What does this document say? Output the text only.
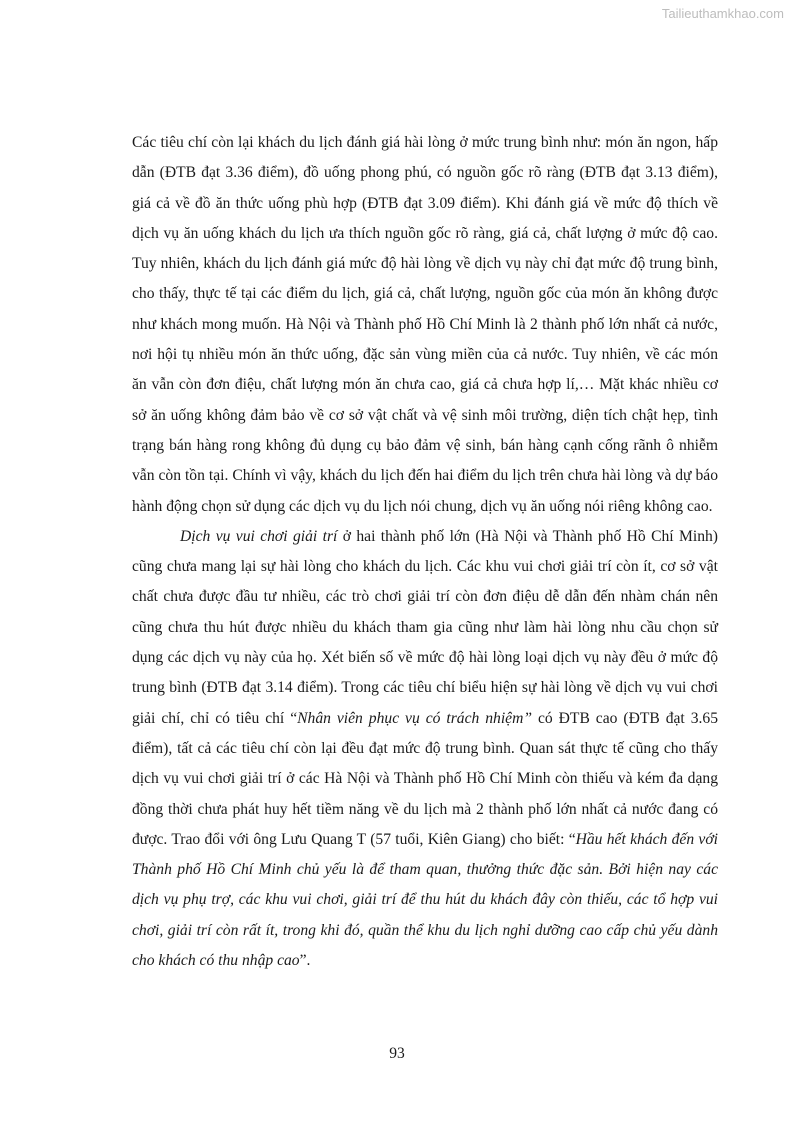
Tailieuthamkhao.com

Các tiêu chí còn lại khách du lịch đánh giá hài lòng ở mức trung bình như: món ăn ngon, hấp dẫn (ĐTB đạt 3.36 điểm), đồ uống phong phú, có nguồn gốc rõ ràng (ĐTB đạt 3.13 điểm), giá cả về đồ ăn thức uống phù hợp (ĐTB đạt 3.09 điểm). Khi đánh giá về mức độ thích về dịch vụ ăn uống khách du lịch ưa thích nguồn gốc rõ ràng, giá cả, chất lượng ở mức độ cao. Tuy nhiên, khách du lịch đánh giá mức độ hài lòng về dịch vụ này chỉ đạt mức độ trung bình, cho thấy, thực tế tại các điểm du lịch, giá cả, chất lượng, nguồn gốc của món ăn không được như khách mong muốn. Hà Nội và Thành phố Hồ Chí Minh là 2 thành phố lớn nhất cả nước, nơi hội tụ nhiều món ăn thức uống, đặc sản vùng miền của cả nước. Tuy nhiên, về các món ăn vẫn còn đơn điệu, chất lượng món ăn chưa cao, giá cả chưa hợp lí,… Mặt khác nhiều cơ sở ăn uống không đảm bảo về cơ sở vật chất và vệ sinh môi trường, diện tích chật hẹp, tình trạng bán hàng rong không đủ dụng cụ bảo đảm vệ sinh, bán hàng cạnh cống rãnh ô nhiễm vẫn còn tồn tại. Chính vì vậy, khách du lịch đến hai điểm du lịch trên chưa hài lòng và dự báo hành động chọn sử dụng các dịch vụ du lịch nói chung, dịch vụ ăn uống nói riêng không cao.

Dịch vụ vui chơi giải trí ở hai thành phố lớn (Hà Nội và Thành phố Hồ Chí Minh) cũng chưa mang lại sự hài lòng cho khách du lịch. Các khu vui chơi giải trí còn ít, cơ sở vật chất chưa được đầu tư nhiều, các trò chơi giải trí còn đơn điệu dễ dẫn đến nhàm chán nên cũng chưa thu hút được nhiều du khách tham gia cũng như làm hài lòng nhu cầu chọn sử dụng các dịch vụ này của họ. Xét biến số về mức độ hài lòng loại dịch vụ này đều ở mức độ trung bình (ĐTB đạt 3.14 điểm). Trong các tiêu chí biểu hiện sự hài lòng về dịch vụ vui chơi giải chí, chỉ có tiêu chí “Nhân viên phục vụ có trách nhiệm” có ĐTB cao (ĐTB đạt 3.65 điểm), tất cả các tiêu chí còn lại đều đạt mức độ trung bình. Quan sát thực tế cũng cho thấy dịch vụ vui chơi giải trí ở các Hà Nội và Thành phố Hồ Chí Minh còn thiếu và kém đa dạng đồng thời chưa phát huy hết tiềm năng về du lịch mà 2 thành phố lớn nhất cả nước đang có được. Trao đổi với ông Lưu Quang T (57 tuổi, Kiên Giang) cho biết: “Hầu hết khách đến với Thành phố Hồ Chí Minh chủ yếu là để tham quan, thưởng thức đặc sản. Bởi hiện nay các dịch vụ phụ trợ, các khu vui chơi, giải trí để thu hút du khách đây còn thiếu, các tổ hợp vui chơi, giải trí còn rất ít, trong khi đó, quần thể khu du lịch nghỉ dưỡng cao cấp chủ yếu dành cho khách có thu nhập cao”.

93
